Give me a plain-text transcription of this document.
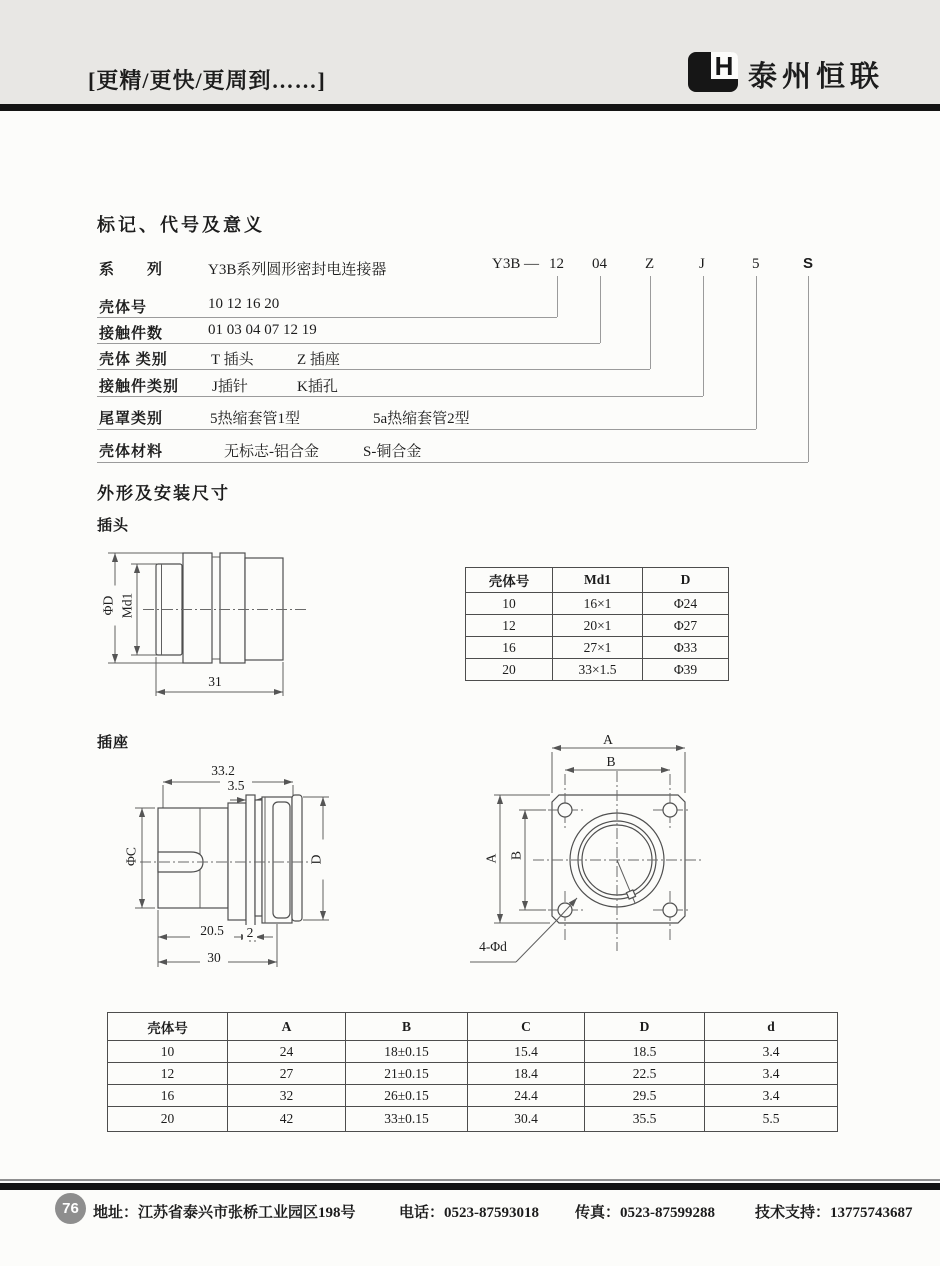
[更精/更快/更周到……]	H 泰州恒联
标记、代号及意义
系　　列	Y3B系列圆形密封电连接器
壳体号	10 12 16 20
接触件数	01 03 04 07 12 19
壳体 类别	T 插头	Z 插座
接触件类别 J插针	K插孔
尾罩类别	5热缩套管1型	5a热缩套管2型
壳体材料	无标志-铝合金	S-铜合金
Y3B — 12 04	Z	J	5	S
外形及安装尺寸
插头
插座
ΦD Md1
31
壳体号	Md1	D
10	16×1	Φ24
12	20×1	Φ27
16	27×1	Φ33
20	33×1.5	Φ39
33.2
3.5
ΦC	D
20.5	2
30
A
B
A B
4-Φd
壳体号	A	B	C	D	d
10	24	18±0.15	15.4	18.5	3.4
12	27	21±0.15	18.4	22.5	3.4
16	32	26±0.15	24.4	29.5	3.4
20	42	33±0.15	30.4	35.5	5.5
76 地址：江苏省泰兴市张桥工业园区198号	电话：0523-87593018 传真：0523-87599288	技术支持：13775743687
